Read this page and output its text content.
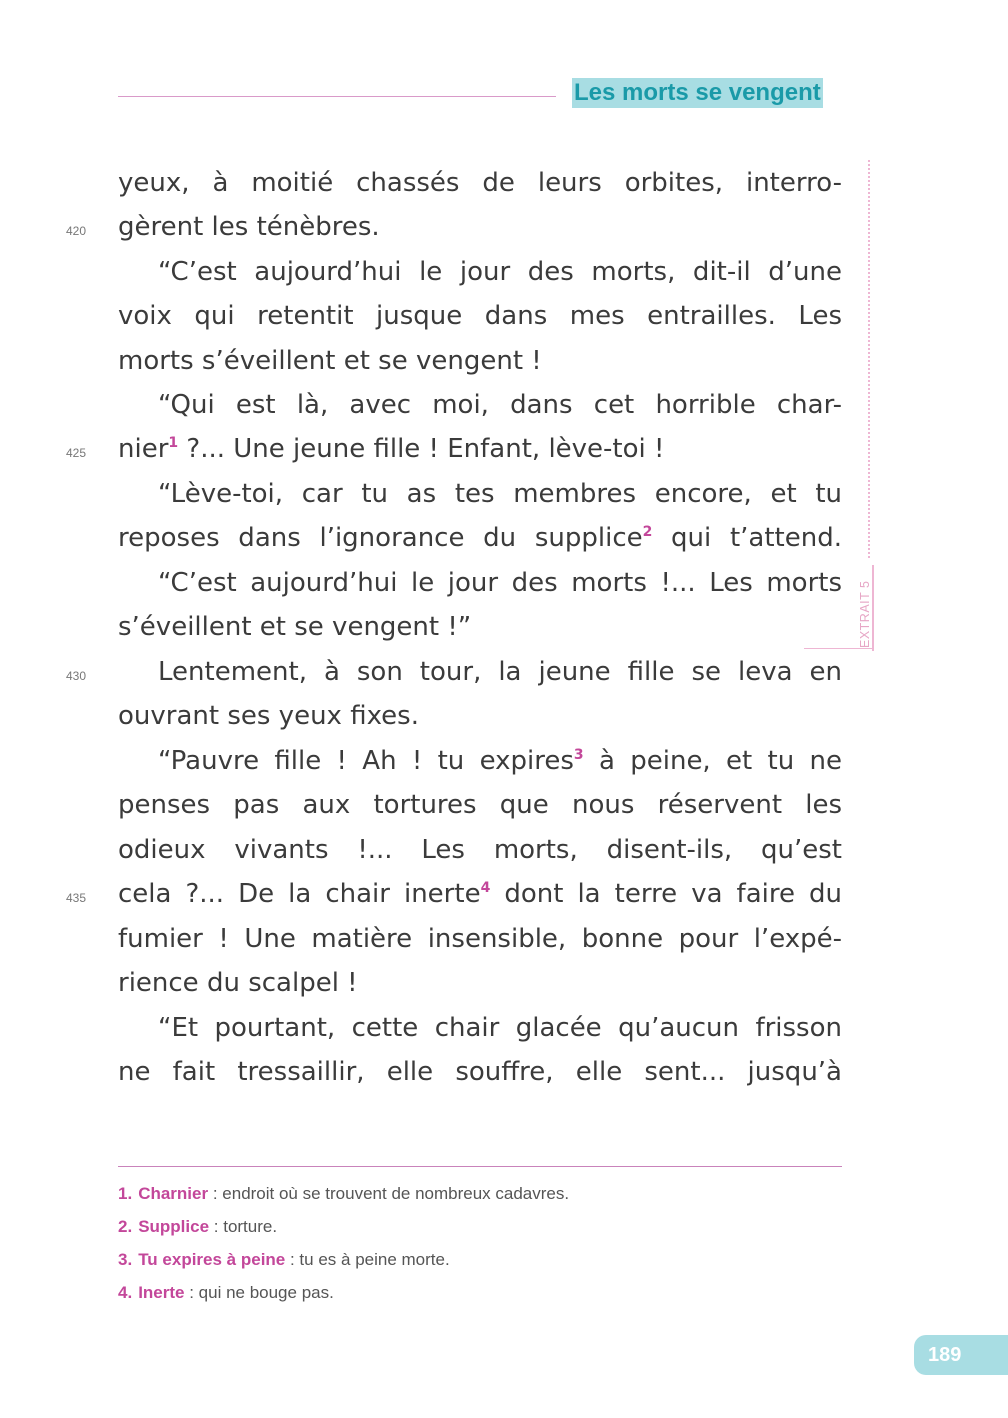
Les morts se vengent
EXTRAIT 5
yeux, à moitié chassés de leurs orbites, interro-
gèrent les ténèbres.
“C’est aujourd’hui le jour des morts, dit-il d’une
voix qui retentit jusque dans mes entrailles. Les
morts s’éveillent et se vengent !
“Qui est là, avec moi, dans cet horrible char-
nier$^1$ ?... Une jeune fille ! Enfant, lève-toi !
“Lève-toi, car tu as tes membres encore, et tu
reposes dans l’ignorance du supplice$^2$ qui t’attend.
“C’est aujourd’hui le jour des morts !... Les morts
s’éveillent et se vengent !”
Lentement, à son tour, la jeune fille se leva en
ouvrant ses yeux fixes.
“Pauvre fille ! Ah ! tu expires$^3$ à peine, et tu ne
penses pas aux tortures que nous réservent les
odieux vivants !... Les morts, disent-ils, qu’est
cela ?... De la chair inerte$^4$ dont la terre va faire du
fumier ! Une matière insensible, bonne pour l’expé-
rience du scalpel !
“Et pourtant, cette chair glacée qu’aucun frisson
ne fait tressaillir, elle souffre, elle sent... jusqu’à
420
425
430
435
1. Charnier : endroit où se trouvent de nombreux cadavres.
2. Supplice : torture.
3. Tu expires à peine : tu es à peine morte.
4. Inerte : qui ne bouge pas.
189
